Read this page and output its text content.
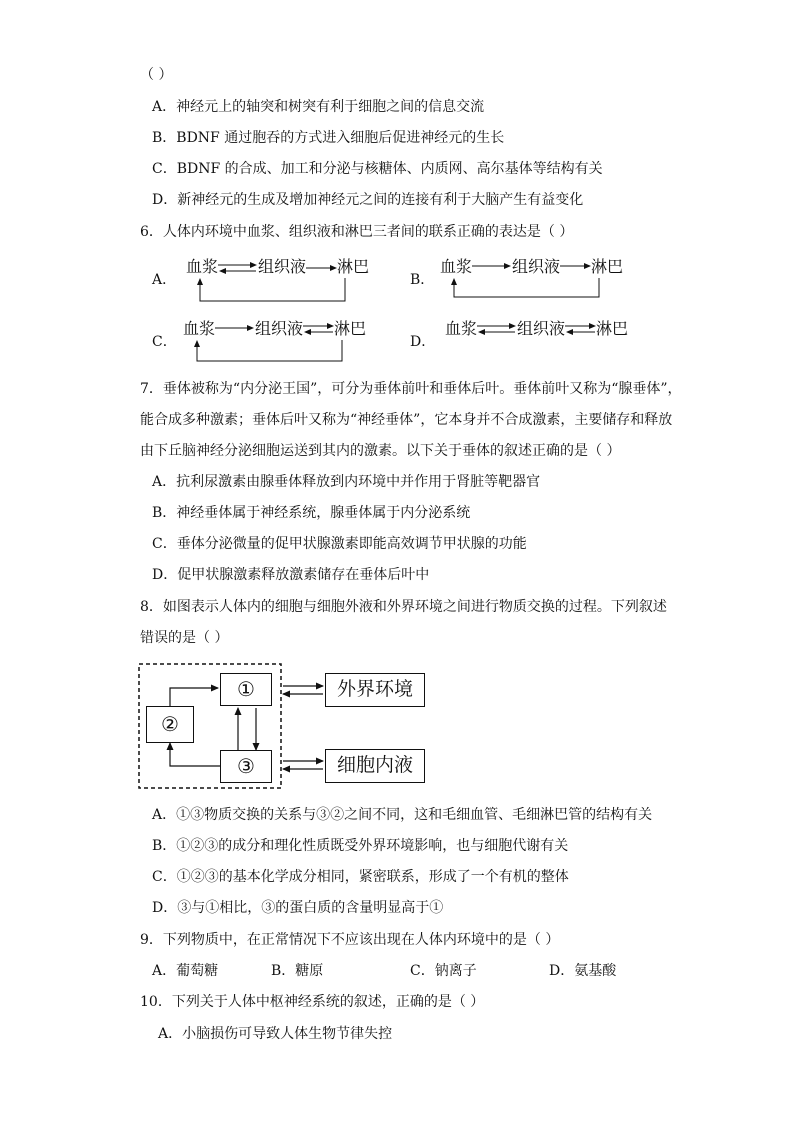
（ ）
A．神经元上的轴突和树突有利于细胞之间的信息交流
B．BDNF 通过胞吞的方式进入细胞后促进神经元的生长
C．BDNF 的合成、加工和分泌与核糖体、内质网、高尔基体等结构有关
D．新神经元的生成及增加神经元之间的连接有利于大脑产生有益变化
6．人体内环境中血浆、组织液和淋巴三者间的联系正确的表达是（ ）
A．
血浆 组织液 淋巴
B．
血浆 组织液 淋巴
C．
血浆 组织液 淋巴
D．
血浆 组织液 淋巴
7．垂体被称为“内分泌王国”，可分为垂体前叶和垂体后叶。垂体前叶又称为“腺垂体”，
能合成多种激素；垂体后叶又称为“神经垂体”，它本身并不合成激素，主要储存和释放
由下丘脑神经分泌细胞运送到其内的激素。以下关于垂体的叙述正确的是（ ）
A．抗利尿激素由腺垂体释放到内环境中并作用于肾脏等靶器官
B．神经垂体属于神经系统，腺垂体属于内分泌系统
C．垂体分泌微量的促甲状腺激素即能高效调节甲状腺的功能
D．促甲状腺激素释放激素储存在垂体后叶中
8．如图表示人体内的细胞与细胞外液和外界环境之间进行物质交换的过程。下列叙述
错误的是（ ）
①
②
③
外界环境
细胞内液
A．①③物质交换的关系与③②之间不同，这和毛细血管、毛细淋巴管的结构有关
B．①②③的成分和理化性质既受外界环境影响，也与细胞代谢有关
C．①②③的基本化学成分相同，紧密联系，形成了一个有机的整体
D．③与①相比，③的蛋白质的含量明显高于①
9．下列物质中，在正常情况下不应该出现在人体内环境中的是（ ）
A．葡萄糖	B．糖原	C．钠离子	D．氨基酸
10．下列关于人体中枢神经系统的叙述，正确的是（ ）
A．小脑损伤可导致人体生物节律失控
